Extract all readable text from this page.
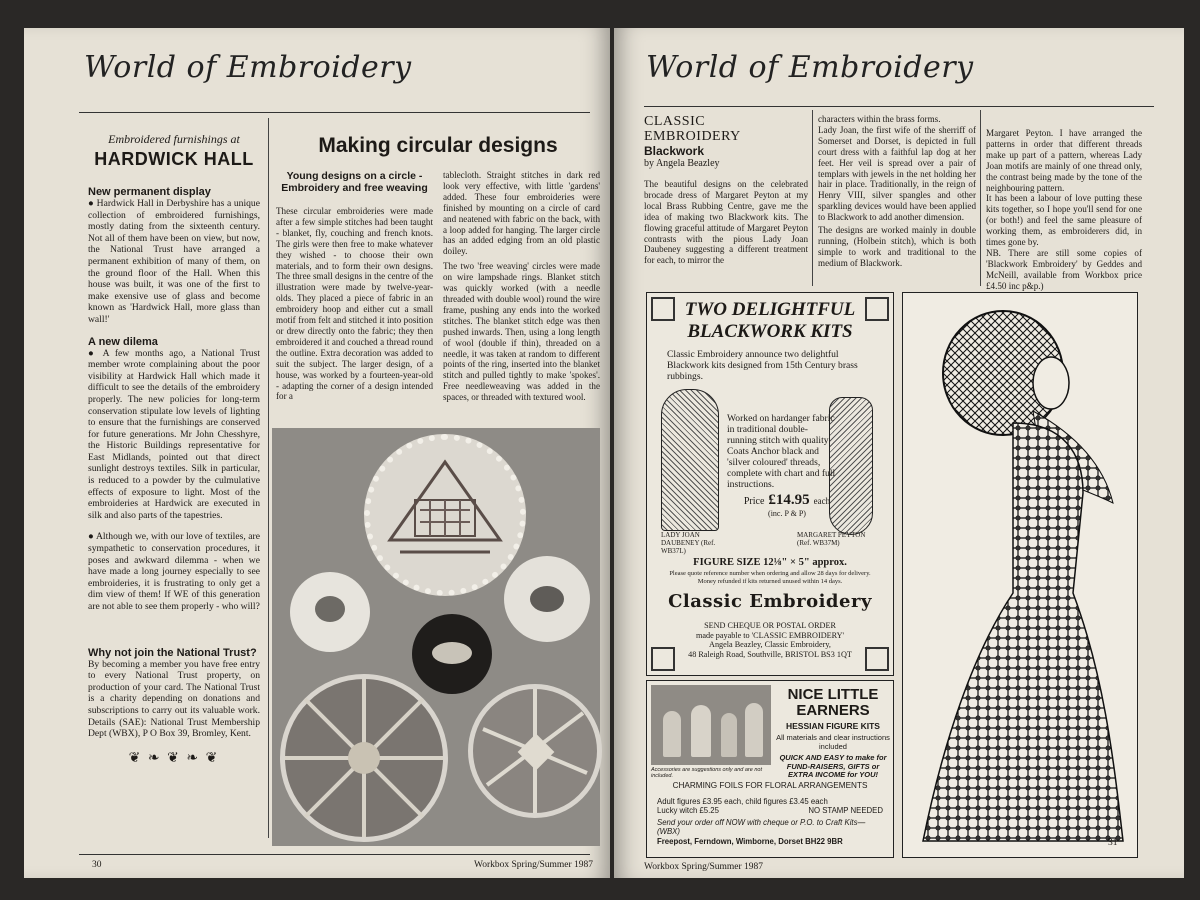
World of Embroidery
Embroidered furnishings at
HARDWICK HALL
New permanent display
● Hardwick Hall in Derbyshire has a unique collection of embroidered furnishings, mostly dating from the sixteenth century. Not all of them have been on view, but now, the National Trust have arranged a permanent exhibition of many of them, on the ground floor of the Hall. When this house was built, it was one of the first to make exensive use of glass and become known as 'Hardwick Hall, more glass than wall!'
A new dilema
● A few months ago, a National Trust member wrote complaining about the poor visibility at Hardwick Hall which made it difficult to see the details of the embroidery properly. The new policies for long-term conservation stipulate low levels of lighting to ensure that the furnishings are conserved for future generations. Mr John Chesshyre, the Historic Buildings representative for East Midlands, pointed out that direct sunlight destroys textiles. Silk in particular, is reduced to a powder by the culmulative effects of exposure to light. Most of the embroideries at Hardwick are executed in silk and also parts of the tapestries.
● Although we, with our love of textiles, are sympathetic to conservation procedures, it poses and awkward dilemma - when we have made a long journey especially to see embroideries, it is frustrating to only get a dim view of them! If WE of this generation are not able to see them properly - who will?
Why not join the National Trust?
By becoming a member you have free entry to every National Trust property, on production of your card. The National Trust is a charity depending on donations and subscriptions to carry out its valuable work. Details (SAE): National Trust Membership Dept (WBX), P O Box 39, Bromley, Kent.
❦ ❧ ❦ ❧ ❦
Making circular designs
Young designs on a circle - Embroidery and free weaving
These circular embroideries were made after a few simple stitches had been taught - blanket, fly, couching and french knots. The girls were then free to make whatever they wished - to choose their own materials, and to form their own designs. The three small designs in the centre of the illustration were made by twelve-year-olds. They placed a piece of fabric in an embroidery hoop and either cut a small motif from felt and stitched it into position or drew directly onto the fabric; they then embroidered it and couched a thread round the outline. Extra decoration was added to suit the subject. The larger design, of a house, was worked by a fourteen-year-old - adapting the corner of a design intended for a
tablecloth. Straight stitches in dark red look very effective, with little 'gardens' added. These four embroideries were finished by mounting on a circle of card and neatened with fabric on the back, with a loop added for hanging. The larger circle has an added edging from an old plastic doiley.
The two 'free weaving' circles were made on wire lampshade rings. Blanket stitch was quickly worked (with a needle threaded with double wool) round the wire frame, pushing any ends into the worked stitches. The blanket stitch edge was then pushed inwards. Then, using a long length of wool (double if thin), threaded on a needle, it was taken at random to different points of the ring, inserted into the blanket stitch and pulled tightly to make 'spokes'. Free needleweaving was added in the spaces, or threaded with textured wool.
30	Workbox Spring/Summer 1987
World of Embroidery
CLASSIC
EMBROIDERY
Blackwork
by Angela Beazley
The beautiful designs on the celebrated brocade dress of Margaret Peyton at my local Brass Rubbing Centre, gave me the idea of making two Blackwork kits. The flowing graceful attitude of Margaret Peyton contrasts with the pious Lady Joan Daubeney suggesting a different treatment for each, to mirror the
characters within the brass forms.
Lady Joan, the first wife of the sherriff of Somerset and Dorset, is depicted in full court dress with a faithful lap dog at her feet. Her veil is spread over a pair of templars with jewels in the net holding her hair in place. Traditionally, in the reign of Henry VIII, silver spangles and other sparkling devices would have been applied to Blackwork to add another dimension.
The designs are worked mainly in double running, (Holbein stitch), which is both simple to work and traditional to the medium of Blackwork.
Margaret Peyton. I have arranged the patterns in order that different threads make up part of a pattern, whereas Lady Joan motifs are mainly of one thread only, the contrast being made by the tone of the neighbouring pattern.
It has been a labour of love putting these kits together, so I hope you'll send for one (or both!) and feel the same pleasure of working them, as embroiderers did, in times gone by.
NB. There are still some copies of 'Blackwork Embroidery' by Geddes and McNeill, available from Workbox price £4.50 inc p&p.)
TWO DELIGHTFUL
BLACKWORK KITS
Classic Embroidery announce two delightful Blackwork kits designed from 15th Century brass rubbings.
Worked on hardanger fabric in traditional double-running stitch with quality Coats Anchor black and 'silver coloured' threads, complete with chart and full instructions.
Price £14.95 each
(inc. P & P)
LADY JOAN DAUBENEY (Ref. WB37L)
MARGARET PEYTON (Ref. WB37M)
FIGURE SIZE 12⅛" × 5" approx.
Please quote reference number when ordering and allow 28 days for delivery. Money refunded if kits returned unused within 14 days.
Classic Embroidery
SEND CHEQUE OR POSTAL ORDER
made payable to 'CLASSIC EMBROIDERY'
Angela Beazley, Classic Embroidery,
48 Raleigh Road, Southville, BRISTOL BS3 1QT
Accessories are suggestions only and are not included.
NICE LITTLE
EARNERS
HESSIAN FIGURE KITS
All materials and clear instructions included
QUICK AND EASY to make for FUND-RAISERS, GIFTS or EXTRA INCOME for YOU!
CHARMING FOILS FOR FLORAL ARRANGEMENTS
Adult figures £3.95 each, child figures £3.45 each
Lucky witch £5.25	NO STAMP NEEDED
Send your order off NOW with cheque or P.O. to Craft Kits—(WBX)
Freepost, Ferndown, Wimborne, Dorset BH22 9BR
Workbox Spring/Summer 1987
31
